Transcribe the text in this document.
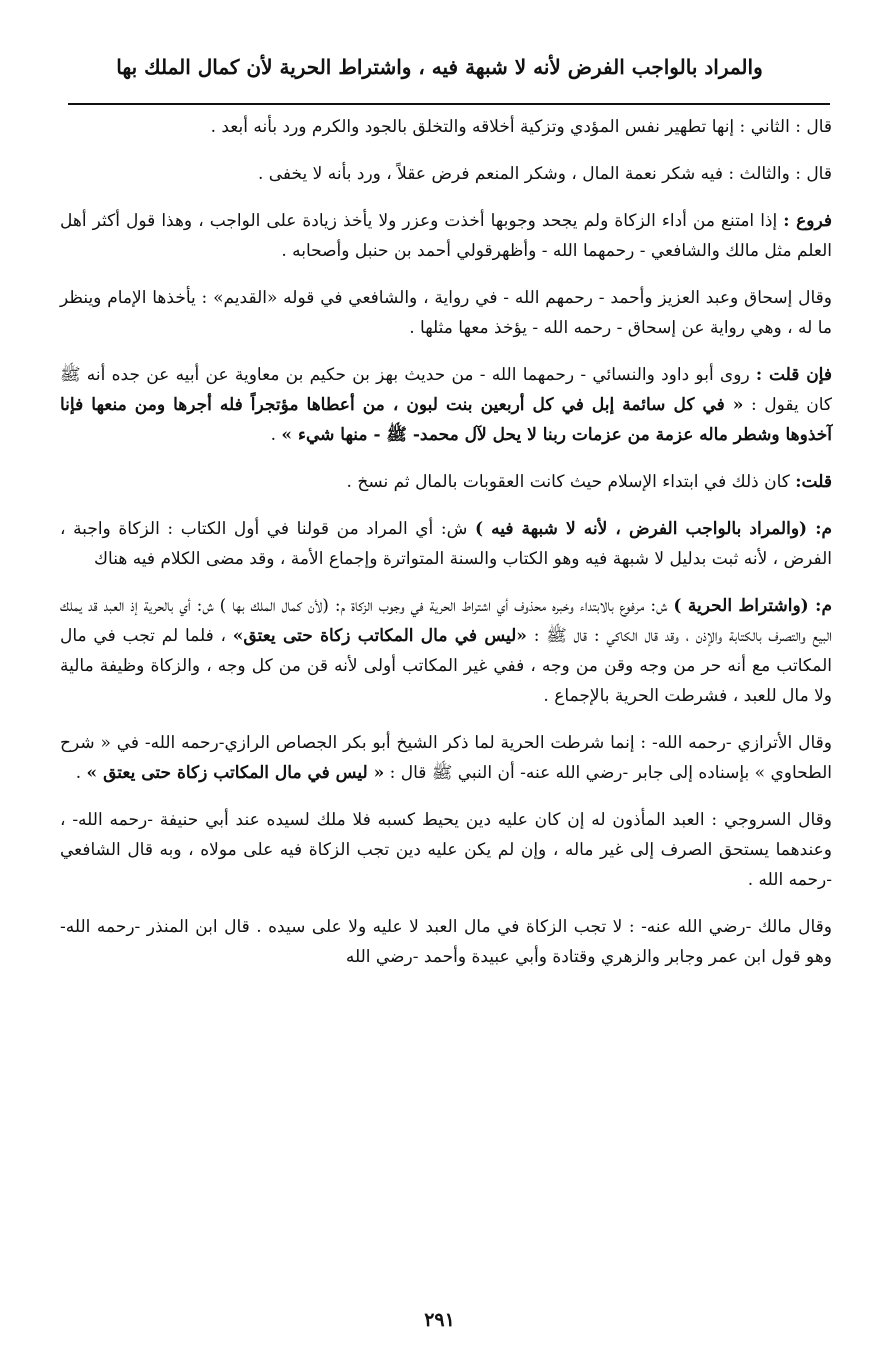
والمراد بالواجب الفرض لأنه لا شبهة فيه ، واشتراط الحرية لأن كمال الملك بها

قال : الثاني : إنها تطهير نفس المؤدي وتزكية أخلاقه والتخلق بالجود والكرم ورد بأنه أبعد .

قال : والثالث : فيه شكر نعمة المال ، وشكر المنعم فرض عقلاً ، ورد بأنه لا يخفى .

فروع : إذا امتنع من أداء الزكاة ولم يجحد وجوبها أخذت وعزر ولا يأخذ زيادة على الواجب ، وهذا قول أكثر أهل العلم مثل مالك والشافعي - رحمهما الله - وأظهرقولي أحمد بن حنبل وأصحابه .

وقال إسحاق وعبد العزيز وأحمد - رحمهم الله - في رواية ، والشافعي في قوله «القديم» : يأخذها الإمام وينظر ما له ، وهي رواية عن إسحاق - رحمه الله - يؤخذ معها مثلها .

فإن قلت : روى أبو داود والنسائي - رحمهما الله - من حديث بهز بن حكيم بن معاوية عن أبيه عن جده أنه ﷺ كان يقول : « في كل سائمة إبل في كل أربعين بنت لبون ، من أعطاها مؤتجراً فله أجرها ومن منعها فإنا آخذوها وشطر ماله عزمة من عزمات ربنا لا يحل لآل محمد- ﷺ - منها شيء » .

قلت: كان ذلك في ابتداء الإسلام حيث كانت العقوبات بالمال ثم نسخ .

م: (والمراد بالواجب الفرض ، لأنه لا شبهة فيه ) ش: أي المراد من قولنا في أول الكتاب : الزكاة واجبة ، الفرض ، لأنه ثبت بدليل لا شبهة فيه وهو الكتاب والسنة المتواترة وإجماع الأمة ، وقد مضى الكلام فيه هناك

م: (واشتراط الحرية ) ش: مرفوع بالابتداء وخبره محذوف أي اشتراط الحرية في وجوب الزكاة م: (لأن كمال الملك بها ) ش: أي بالحرية إذ العبد قد يملك البيع والتصرف بالكتابة والإذن ، وقد قال الكاكي : قال ﷺ : «ليس في مال المكاتب زكاة حتى يعتق» ، فلما لم تجب في مال المكاتب مع أنه حر من وجه وقن من وجه ، ففي غير المكاتب أولى لأنه قن من كل وجه ، والزكاة وظيفة مالية ولا مال للعبد ، فشرطت الحرية بالإجماع .

وقال الأترازي -رحمه الله- : إنما شرطت الحرية لما ذكر الشيخ أبو بكر الجصاص الرازي-رحمه الله- في « شرح الطحاوي » بإسناده إلى جابر -رضي الله عنه- أن النبي ﷺ قال : « ليس في مال المكاتب زكاة حتى يعتق » .

وقال السروجي : العبد المأذون له إن كان عليه دين يحيط كسبه فلا ملك لسيده عند أبي حنيفة -رحمه الله- ، وعندهما يستحق الصرف إلى غير ماله ، وإن لم يكن عليه دين تجب الزكاة فيه على مولاه ، وبه قال الشافعي -رحمه الله .

وقال مالك -رضي الله عنه- : لا تجب الزكاة في مال العبد لا عليه ولا على سيده . قال ابن المنذر -رحمه الله- وهو قول ابن عمر وجابر والزهري وقتادة وأبي عبيدة وأحمد -رضي الله

٢٩١
